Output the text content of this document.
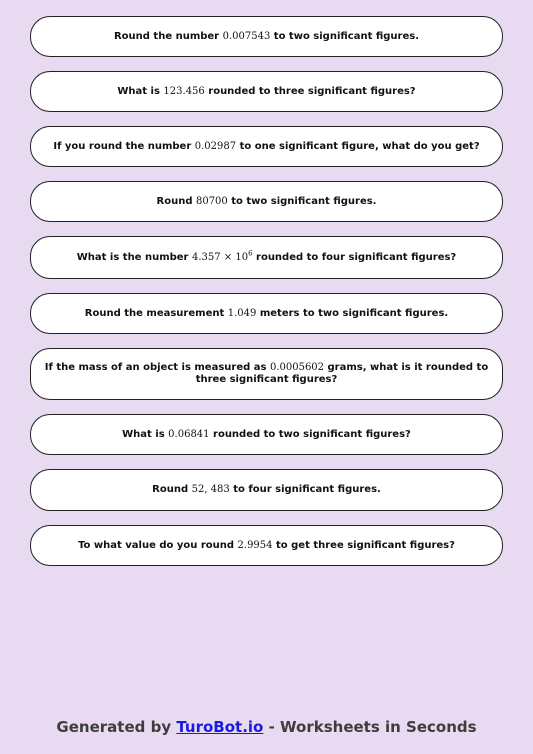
Round the number 0.007543 to two significant figures.
What is 123.456 rounded to three significant figures?
If you round the number 0.02987 to one significant figure, what do you get?
Round 80700 to two significant figures.
What is the number $4.357 \times 10^6$ rounded to four significant figures?
Round the measurement 1.049 meters to two significant figures.
If the mass of an object is measured as 0.0005602 grams, what is it rounded to three significant figures?
What is 0.06841 rounded to two significant figures?
Round 52, 483 to four significant figures.
To what value do you round 2.9954 to get three significant figures?
Generated by TuroBot.io - Worksheets in Seconds
